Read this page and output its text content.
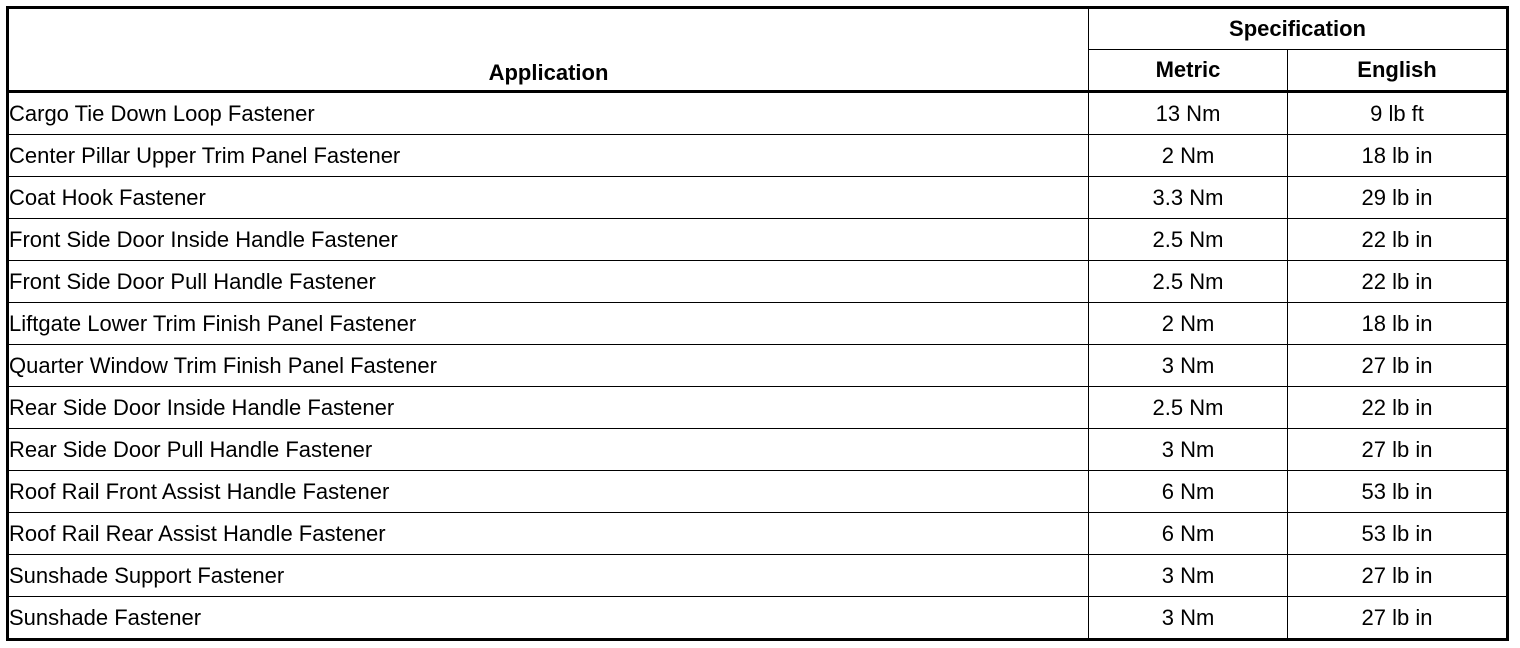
Application	Specification	
	Metric	English
Cargo Tie Down Loop Fastener	13 Nm	9 lb ft
Center Pillar Upper Trim Panel Fastener	2 Nm	18 lb in
Coat Hook Fastener	3.3 Nm	29 lb in
Front Side Door Inside Handle Fastener	2.5 Nm	22 lb in
Front Side Door Pull Handle Fastener	2.5 Nm	22 lb in
Liftgate Lower Trim Finish Panel Fastener	2 Nm	18 lb in
Quarter Window Trim Finish Panel Fastener	3 Nm	27 lb in
Rear Side Door Inside Handle Fastener	2.5 Nm	22 lb in
Rear Side Door Pull Handle Fastener	3 Nm	27 lb in
Roof Rail Front Assist Handle Fastener	6 Nm	53 lb in
Roof Rail Rear Assist Handle Fastener	6 Nm	53 lb in
Sunshade Support Fastener	3 Nm	27 lb in
Sunshade Fastener	3 Nm	27 lb in
